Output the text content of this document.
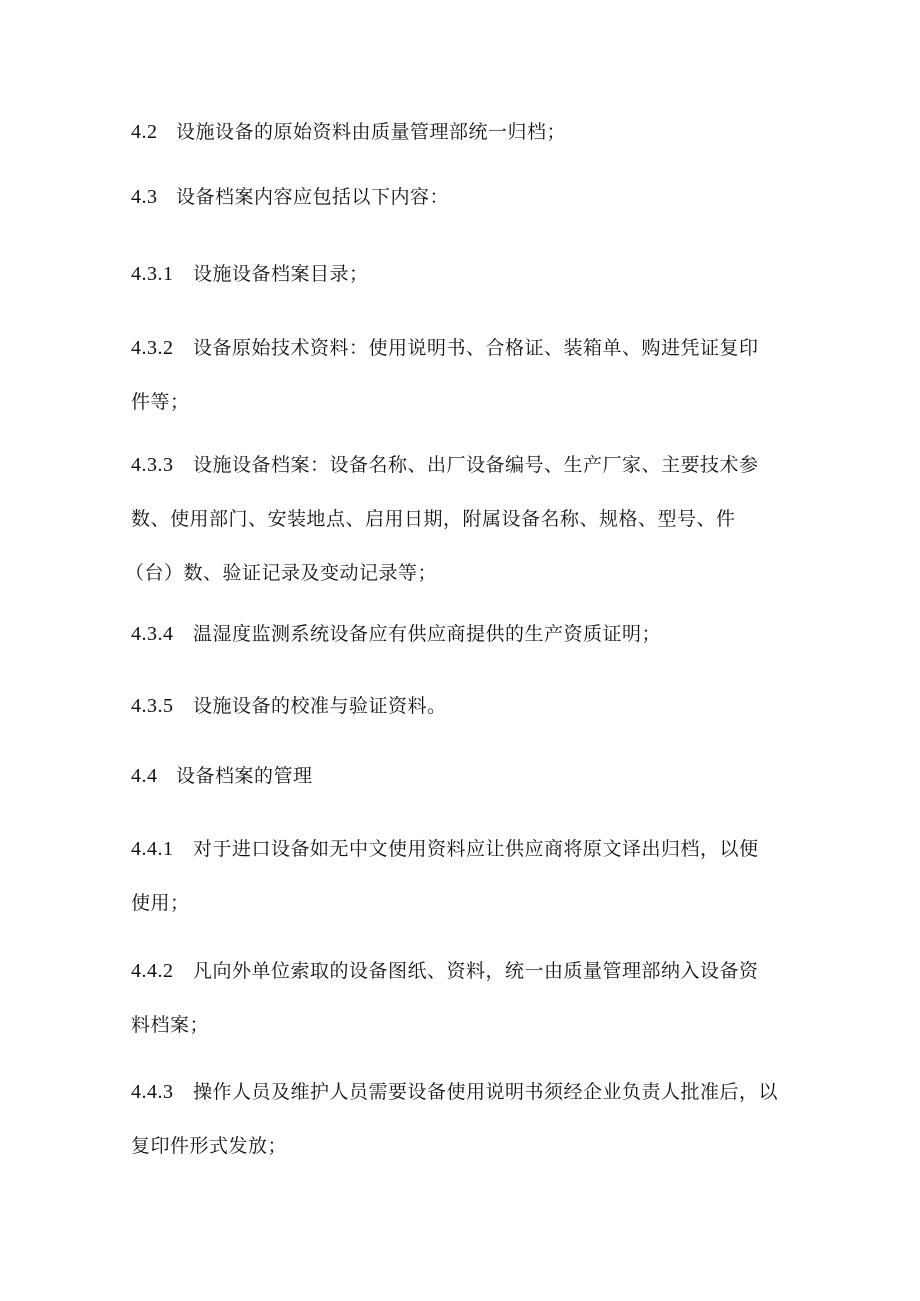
4.2 设施设备的原始资料由质量管理部统一归档；

4.3 设备档案内容应包括以下内容：

4.3.1 设施设备档案目录；

4.3.2 设备原始技术资料：使用说明书、合格证、装箱单、购进凭证复印
件等；

4.3.3 设施设备档案：设备名称、出厂设备编号、生产厂家、主要技术参
数、使用部门、安装地点、启用日期，附属设备名称、规格、型号、件
（台）数、验证记录及变动记录等；

4.3.4 温湿度监测系统设备应有供应商提供的生产资质证明；

4.3.5 设施设备的校准与验证资料。

4.4 设备档案的管理

4.4.1 对于进口设备如无中文使用资料应让供应商将原文译出归档，以便
使用；

4.4.2 凡向外单位索取的设备图纸、资料，统一由质量管理部纳入设备资
料档案；

4.4.3 操作人员及维护人员需要设备使用说明书须经企业负责人批准后，以
复印件形式发放；
